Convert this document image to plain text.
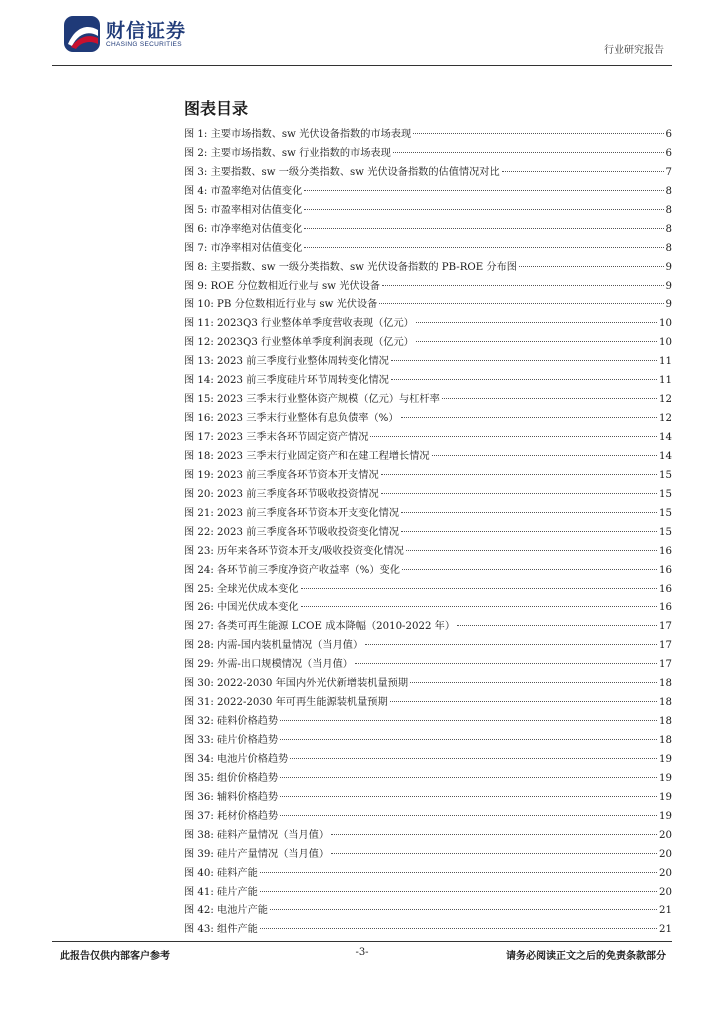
财信证券
CHASING SECURITIES
行业研究报告
图表目录
图 1: 主要市场指数、sw 光伏设备指数的市场表现	6
图 2: 主要市场指数、sw 行业指数的市场表现	6
图 3: 主要指数、sw 一级分类指数、sw 光伏设备指数的估值情况对比	7
图 4: 市盈率绝对估值变化	8
图 5: 市盈率相对估值变化	8
图 6: 市净率绝对估值变化	8
图 7: 市净率相对估值变化	8
图 8: 主要指数、sw 一级分类指数、sw 光伏设备指数的 PB-ROE 分布图	9
图 9: ROE 分位数相近行业与 sw 光伏设备	9
图 10: PB 分位数相近行业与 sw 光伏设备	9
图 11: 2023Q3 行业整体单季度营收表现（亿元）	10
图 12: 2023Q3 行业整体单季度利润表现（亿元）	10
图 13: 2023 前三季度行业整体周转变化情况	11
图 14: 2023 前三季度硅片环节周转变化情况	11
图 15: 2023 三季末行业整体资产规模（亿元）与杠杆率	12
图 16: 2023 三季末行业整体有息负债率（%）	12
图 17: 2023 三季末各环节固定资产情况	14
图 18: 2023 三季末行业固定资产和在建工程增长情况	14
图 19: 2023 前三季度各环节资本开支情况	15
图 20: 2023 前三季度各环节吸收投资情况	15
图 21: 2023 前三季度各环节资本开支变化情况	15
图 22: 2023 前三季度各环节吸收投资变化情况	15
图 23: 历年来各环节资本开支/吸收投资变化情况	16
图 24: 各环节前三季度净资产收益率（%）变化	16
图 25: 全球光伏成本变化	16
图 26: 中国光伏成本变化	16
图 27: 各类可再生能源 LCOE 成本降幅（2010-2022 年）	17
图 28: 内需-国内装机量情况（当月值）	17
图 29: 外需-出口规模情况（当月值）	17
图 30: 2022-2030 年国内外光伏新增装机量预期	18
图 31: 2022-2030 年可再生能源装机量预期	18
图 32: 硅料价格趋势	18
图 33: 硅片价格趋势	18
图 34: 电池片价格趋势	19
图 35: 组价价格趋势	19
图 36: 辅料价格趋势	19
图 37: 耗材价格趋势	19
图 38: 硅料产量情况（当月值）	20
图 39: 硅片产量情况（当月值）	20
图 40: 硅料产能	20
图 41: 硅片产能	20
图 42: 电池片产能	21
图 43: 组件产能	21
此报告仅供内部客户参考	-3-	请务必阅读正文之后的免责条款部分
